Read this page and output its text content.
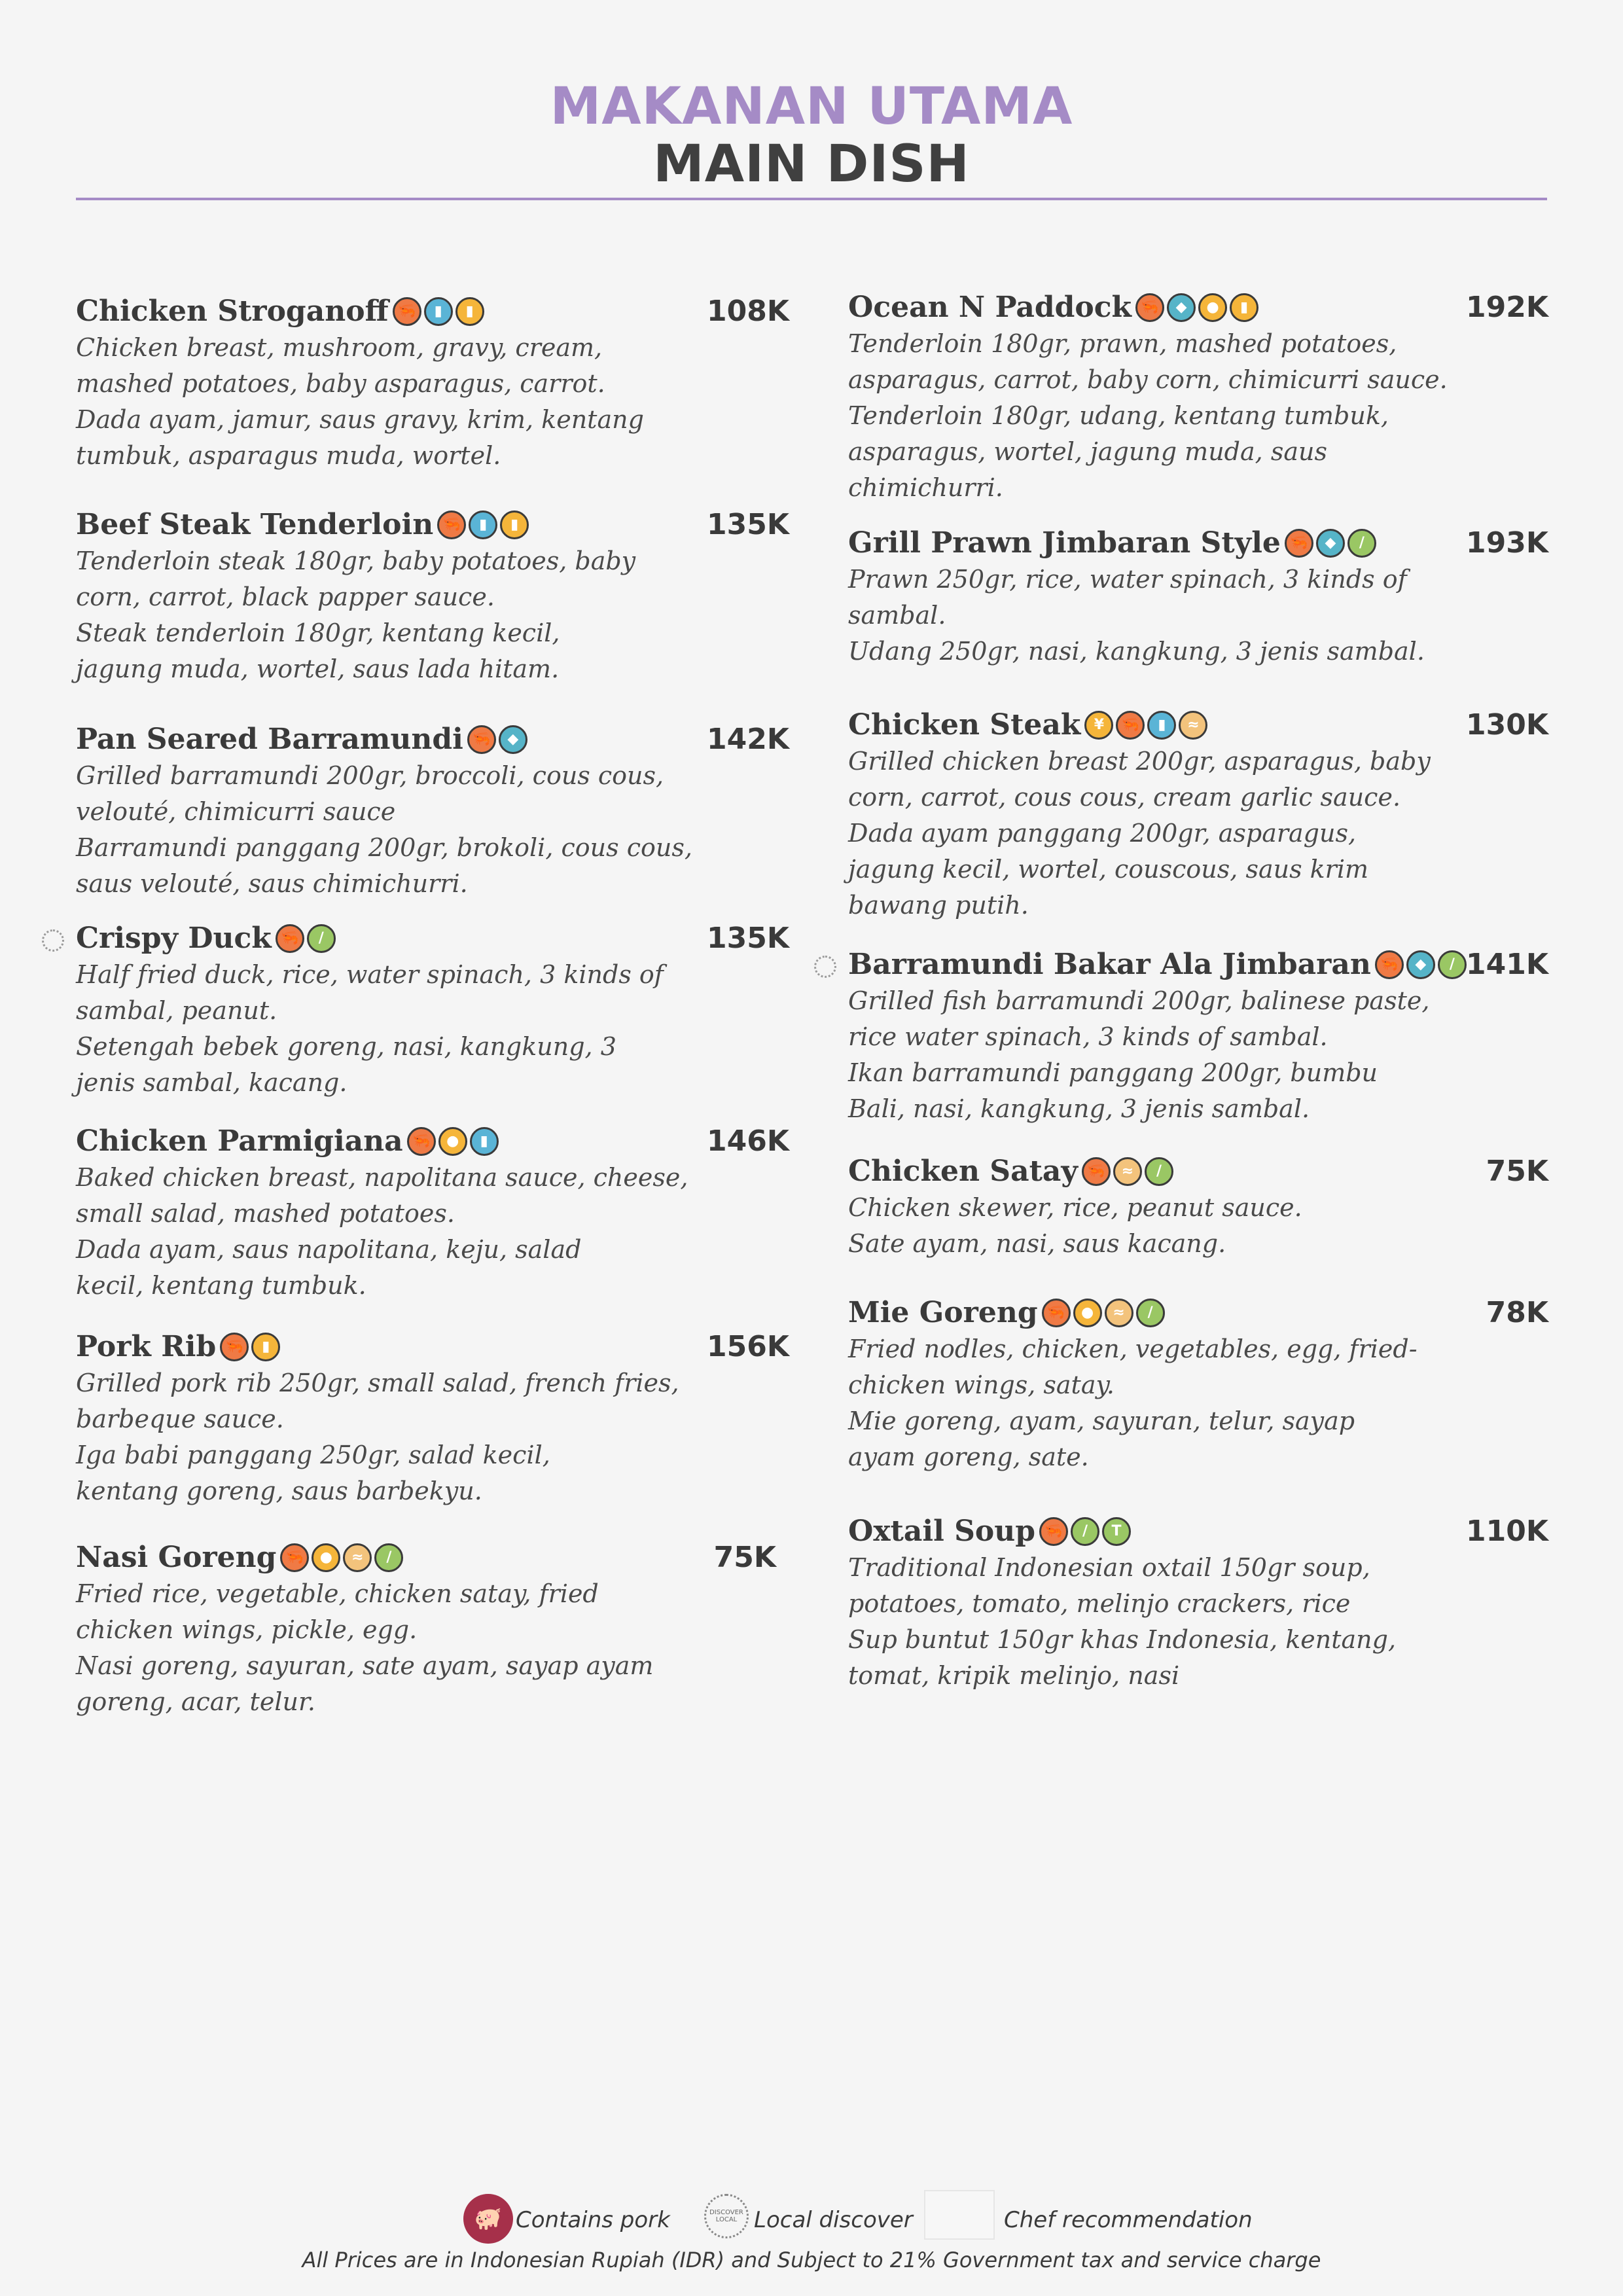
MAKANAN UTAMA
MAIN DISH
Chicken Stroganoff 🦐	▮	▮	108K
Chicken breast, mushroom, gravy, cream,
mashed potatoes, baby asparagus, carrot.
Dada ayam, jamur, saus gravy, krim, kentang
tumbuk, asparagus muda, wortel.
Beef Steak Tenderloin 🦐	▮	▮	135K
Tenderloin steak 180gr, baby potatoes, baby
corn, carrot, black papper sauce.
Steak tenderloin 180gr, kentang kecil,
jagung muda, wortel, saus lada hitam.
Pan Seared Barramundi 🦐	◆	142K
Grilled barramundi 200gr, broccoli, cous cous,
velouté, chimicurri sauce
Barramundi panggang 200gr, brokoli, cous cous,
saus velouté, saus chimichurri.
Crispy Duck 🦐	/	135K
Half fried duck, rice, water spinach, 3 kinds of
sambal, peanut.
Setengah bebek goreng, nasi, kangkung, 3
jenis sambal, kacang.
Chicken Parmigiana 🦐	●	▮	146K
Baked chicken breast, napolitana sauce, cheese,
small salad, mashed potatoes.
Dada ayam, saus napolitana, keju, salad
kecil, kentang tumbuk.
Pork Rib 🦐	▮	156K
Grilled pork rib 250gr, small salad, french fries,
barbeque sauce.
Iga babi panggang 250gr, salad kecil,
kentang goreng, saus barbekyu.
Nasi Goreng 🦐	●	≈	/	75K
Fried rice, vegetable, chicken satay, fried
chicken wings, pickle, egg.
Nasi goreng, sayuran, sate ayam, sayap ayam
goreng, acar, telur.
Ocean N Paddock 🦐	◆	●	▮	192K
Tenderloin 180gr, prawn, mashed potatoes,
asparagus, carrot, baby corn, chimicurri sauce.
Tenderloin 180gr, udang, kentang tumbuk,
asparagus, wortel, jagung muda, saus
chimichurri.
Grill Prawn Jimbaran Style 🦐	◆	/	193K
Prawn 250gr, rice, water spinach, 3 kinds of
sambal.
Udang 250gr, nasi, kangkung, 3 jenis sambal.
Chicken Steak ¥	🦐	▮	≈	130K
Grilled chicken breast 200gr, asparagus, baby
corn, carrot, cous cous, cream garlic sauce.
Dada ayam panggang 200gr, asparagus,
jagung kecil, wortel, couscous, saus krim
bawang putih.
Barramundi Bakar Ala Jimbaran 🦐	◆	/ 141K
Grilled fish barramundi 200gr, balinese paste,
rice water spinach, 3 kinds of sambal.
Ikan barramundi panggang 200gr, bumbu
Bali, nasi, kangkung, 3 jenis sambal.
Chicken Satay 🦐	≈	/	75K
Chicken skewer, rice, peanut sauce.
Sate ayam, nasi, saus kacang.
Mie Goreng 🦐	●	≈	/	78K
Fried nodles, chicken, vegetables, egg, fried-
chicken wings, satay.
Mie goreng, ayam, sayuran, telur, sayap
ayam goreng, sate.
Oxtail Soup 🦐	/	T	110K
Traditional Indonesian oxtail 150gr soup,
potatoes, tomato, melinjo crackers, rice
Sup buntut 150gr khas Indonesia, kentang,
tomat, kripik melinjo, nasi
🐖 Contains pork	DISCOVER LOCAL Local discover	Chef recommendation
All Prices are in Indonesian Rupiah (IDR) and Subject to 21% Government tax and service charge
